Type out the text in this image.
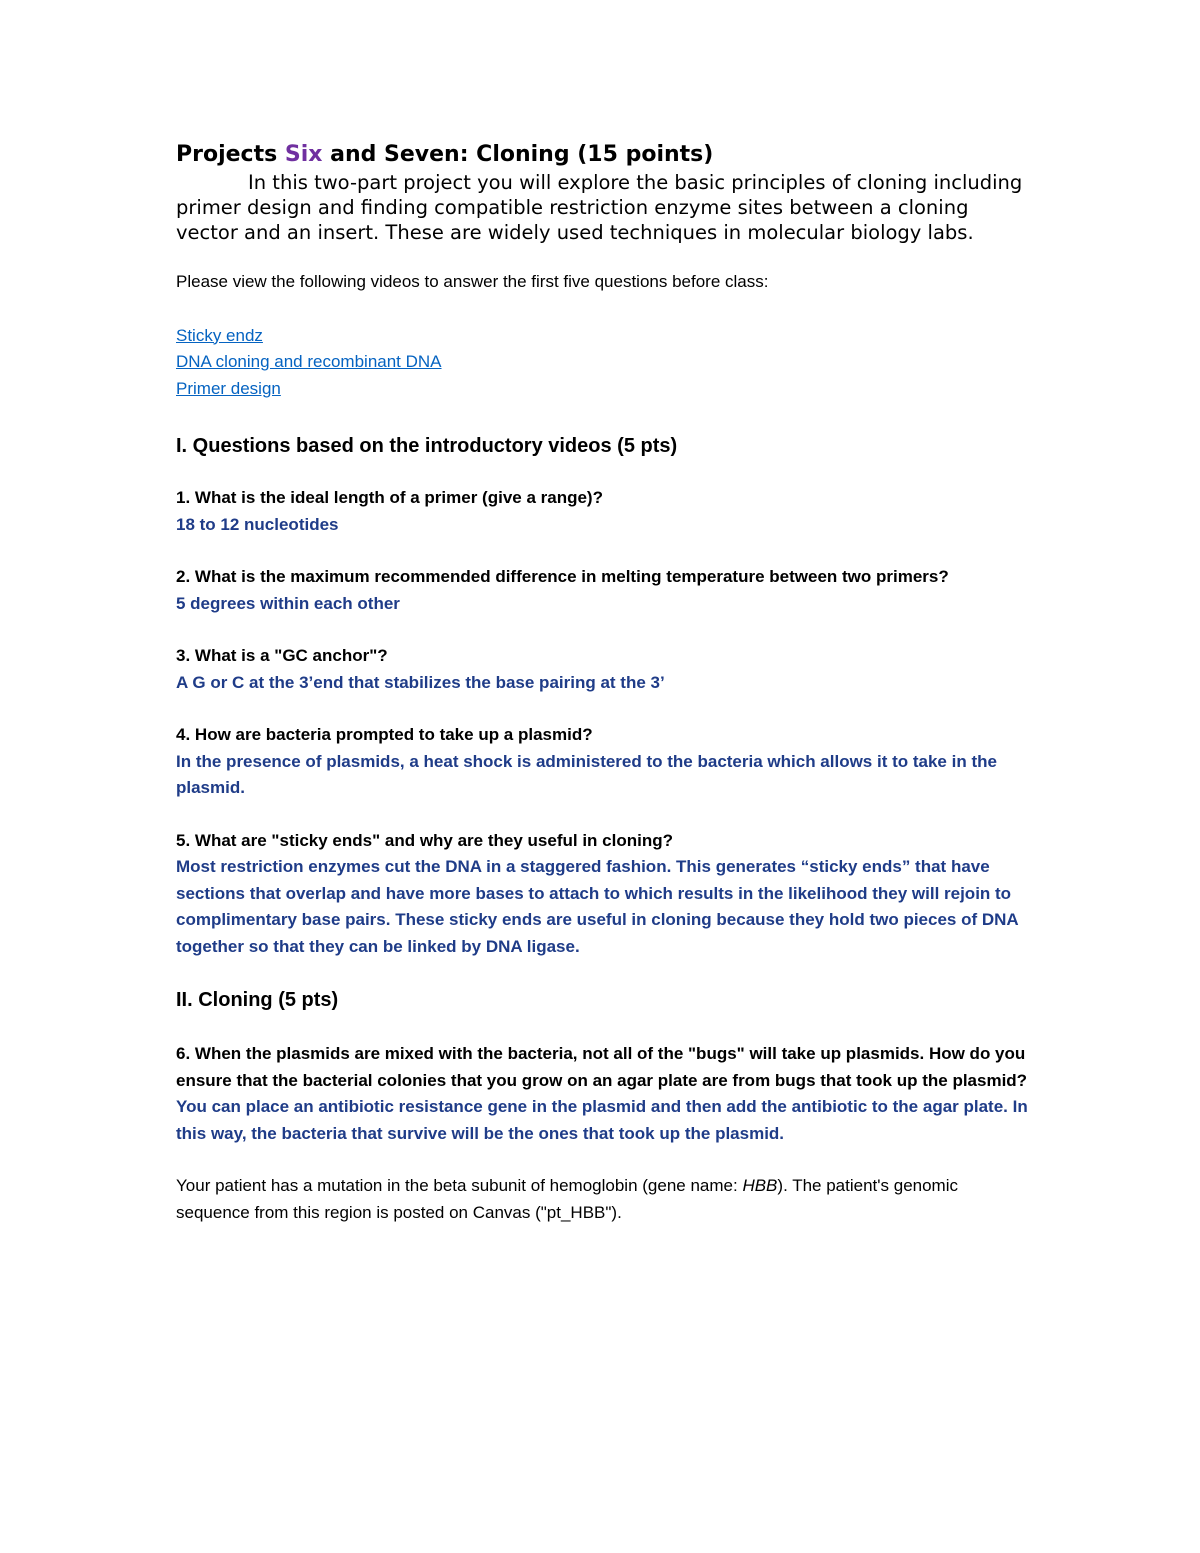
Projects Six and Seven: Cloning (15 points)

In this two-part project you will explore the basic principles of cloning including primer design and finding compatible restriction enzyme sites between a cloning vector and an insert. These are widely used techniques in molecular biology labs.

Please view the following videos to answer the first five questions before class:

Sticky endz
DNA cloning and recombinant DNA
Primer design
I. Questions based on the introductory videos (5 pts)

1. What is the ideal length of a primer (give a range)?

18 to 12 nucleotides

2. What is the maximum recommended difference in melting temperature between two primers?

5 degrees within each other

3. What is a "GC anchor"?

A G or C at the 3’end that stabilizes the base pairing at the 3’

4. How are bacteria prompted to take up a plasmid?

In the presence of plasmids, a heat shock is administered to the bacteria which allows it to take in the plasmid.

5. What are "sticky ends" and why are they useful in cloning?

Most restriction enzymes cut the DNA in a staggered fashion. This generates “sticky ends” that have sections that overlap and have more bases to attach to which results in the likelihood they will rejoin to complimentary base pairs. These sticky ends are useful in cloning because they hold two pieces of DNA together so that they can be linked by DNA ligase.

II. Cloning (5 pts)

6. When the plasmids are mixed with the bacteria, not all of the "bugs" will take up plasmids. How do you ensure that the bacterial colonies that you grow on an agar plate are from bugs that took up the plasmid?

You can place an antibiotic resistance gene in the plasmid and then add the antibiotic to the agar plate. In this way, the bacteria that survive will be the ones that took up the plasmid.

Your patient has a mutation in the beta subunit of hemoglobin (gene name: HBB). The patient's genomic sequence from this region is posted on Canvas ("pt_HBB").
